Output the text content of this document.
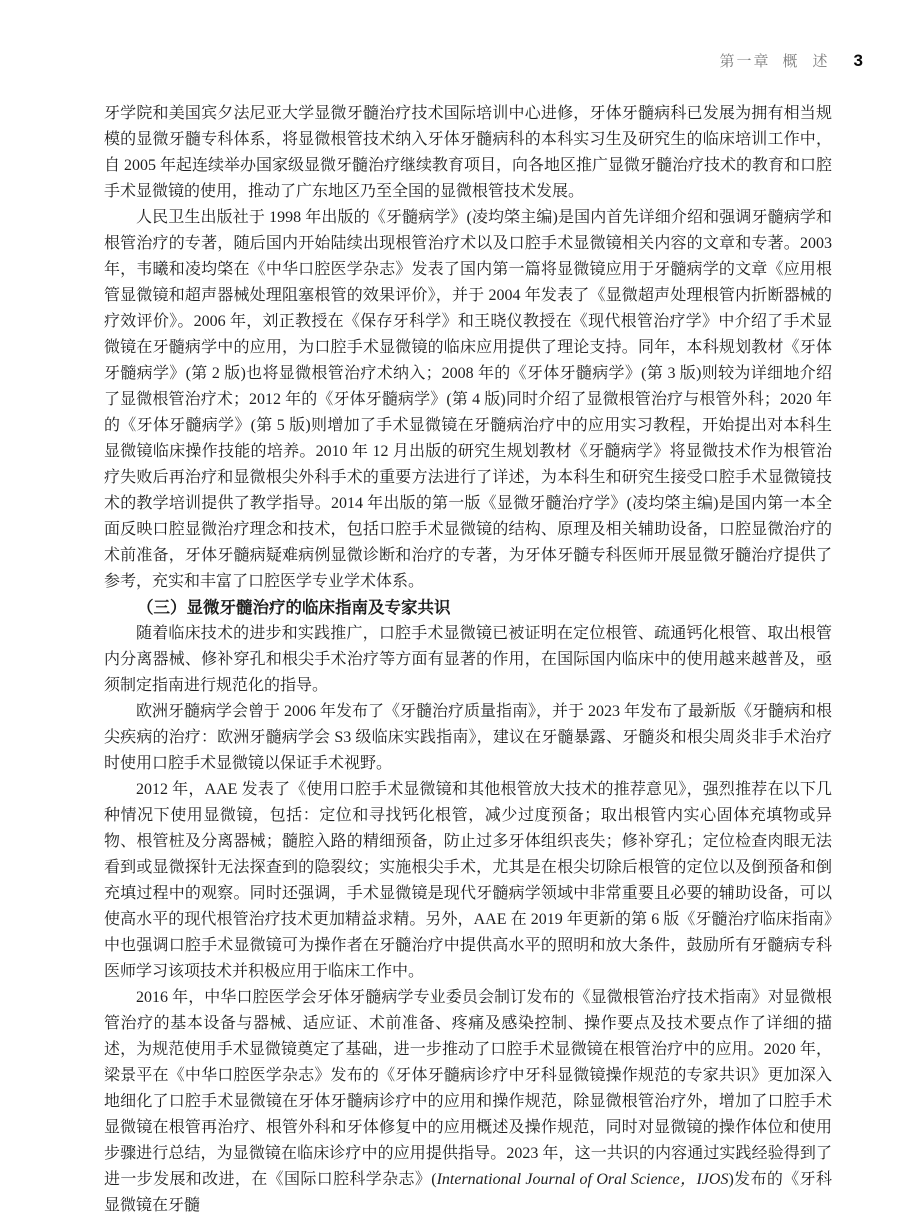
第一章 概　述 3

牙学院和美国宾夕法尼亚大学显微牙髓治疗技术国际培训中心进修，牙体牙髓病科已发展为拥有相当规模的显微牙髓专科体系，将显微根管技术纳入牙体牙髓病科的本科实习生及研究生的临床培训工作中，自 2005 年起连续举办国家级显微牙髓治疗继续教育项目，向各地区推广显微牙髓治疗技术的教育和口腔手术显微镜的使用，推动了广东地区乃至全国的显微根管技术发展。

人民卫生出版社于 1998 年出版的《牙髓病学》(凌均棨主编)是国内首先详细介绍和强调牙髓病学和根管治疗的专著，随后国内开始陆续出现根管治疗术以及口腔手术显微镜相关内容的文章和专著。2003 年，韦曦和凌均棨在《中华口腔医学杂志》发表了国内第一篇将显微镜应用于牙髓病学的文章《应用根管显微镜和超声器械处理阻塞根管的效果评价》，并于 2004 年发表了《显微超声处理根管内折断器械的疗效评价》。2006 年，刘正教授在《保存牙科学》和王晓仪教授在《现代根管治疗学》中介绍了手术显微镜在牙髓病学中的应用，为口腔手术显微镜的临床应用提供了理论支持。同年，本科规划教材《牙体牙髓病学》(第 2 版)也将显微根管治疗术纳入；2008 年的《牙体牙髓病学》(第 3 版)则较为详细地介绍了显微根管治疗术；2012 年的《牙体牙髓病学》(第 4 版)同时介绍了显微根管治疗与根管外科；2020 年的《牙体牙髓病学》(第 5 版)则增加了手术显微镜在牙髓病治疗中的应用实习教程，开始提出对本科生显微镜临床操作技能的培养。2010 年 12 月出版的研究生规划教材《牙髓病学》将显微技术作为根管治疗失败后再治疗和显微根尖外科手术的重要方法进行了详述，为本科生和研究生接受口腔手术显微镜技术的教学培训提供了教学指导。2014 年出版的第一版《显微牙髓治疗学》(凌均棨主编)是国内第一本全面反映口腔显微治疗理念和技术，包括口腔手术显微镜的结构、原理及相关辅助设备，口腔显微治疗的术前准备，牙体牙髓病疑难病例显微诊断和治疗的专著，为牙体牙髓专科医师开展显微牙髓治疗提供了参考，充实和丰富了口腔医学专业学术体系。

（三）显微牙髓治疗的临床指南及专家共识

随着临床技术的进步和实践推广，口腔手术显微镜已被证明在定位根管、疏通钙化根管、取出根管内分离器械、修补穿孔和根尖手术治疗等方面有显著的作用，在国际国内临床中的使用越来越普及，亟须制定指南进行规范化的指导。

欧洲牙髓病学会曾于 2006 年发布了《牙髓治疗质量指南》，并于 2023 年发布了最新版《牙髓病和根尖疾病的治疗：欧洲牙髓病学会 S3 级临床实践指南》，建议在牙髓暴露、牙髓炎和根尖周炎非手术治疗时使用口腔手术显微镜以保证手术视野。

2012 年，AAE 发表了《使用口腔手术显微镜和其他根管放大技术的推荐意见》，强烈推荐在以下几种情况下使用显微镜，包括：定位和寻找钙化根管，减少过度预备；取出根管内实心固体充填物或异物、根管桩及分离器械；髓腔入路的精细预备，防止过多牙体组织丧失；修补穿孔；定位检查肉眼无法看到或显微探针无法探查到的隐裂纹；实施根尖手术，尤其是在根尖切除后根管的定位以及倒预备和倒充填过程中的观察。同时还强调，手术显微镜是现代牙髓病学领域中非常重要且必要的辅助设备，可以使高水平的现代根管治疗技术更加精益求精。另外，AAE 在 2019 年更新的第 6 版《牙髓治疗临床指南》中也强调口腔手术显微镜可为操作者在牙髓治疗中提供高水平的照明和放大条件，鼓励所有牙髓病专科医师学习该项技术并积极应用于临床工作中。

2016 年，中华口腔医学会牙体牙髓病学专业委员会制订发布的《显微根管治疗技术指南》对显微根管治疗的基本设备与器械、适应证、术前准备、疼痛及感染控制、操作要点及技术要点作了详细的描述，为规范使用手术显微镜奠定了基础，进一步推动了口腔手术显微镜在根管治疗中的应用。2020 年，梁景平在《中华口腔医学杂志》发布的《牙体牙髓病诊疗中牙科显微镜操作规范的专家共识》更加深入地细化了口腔手术显微镜在牙体牙髓病诊疗中的应用和操作规范，除显微根管治疗外，增加了口腔手术显微镜在根管再治疗、根管外科和牙体修复中的应用概述及操作规范，同时对显微镜的操作体位和使用步骤进行总结，为显微镜在临床诊疗中的应用提供指导。2023 年，这一共识的内容通过实践经验得到了进一步发展和改进，在《国际口腔科学杂志》(International Journal of Oral Science，IJOS)发布的《牙科显微镜在牙髓
